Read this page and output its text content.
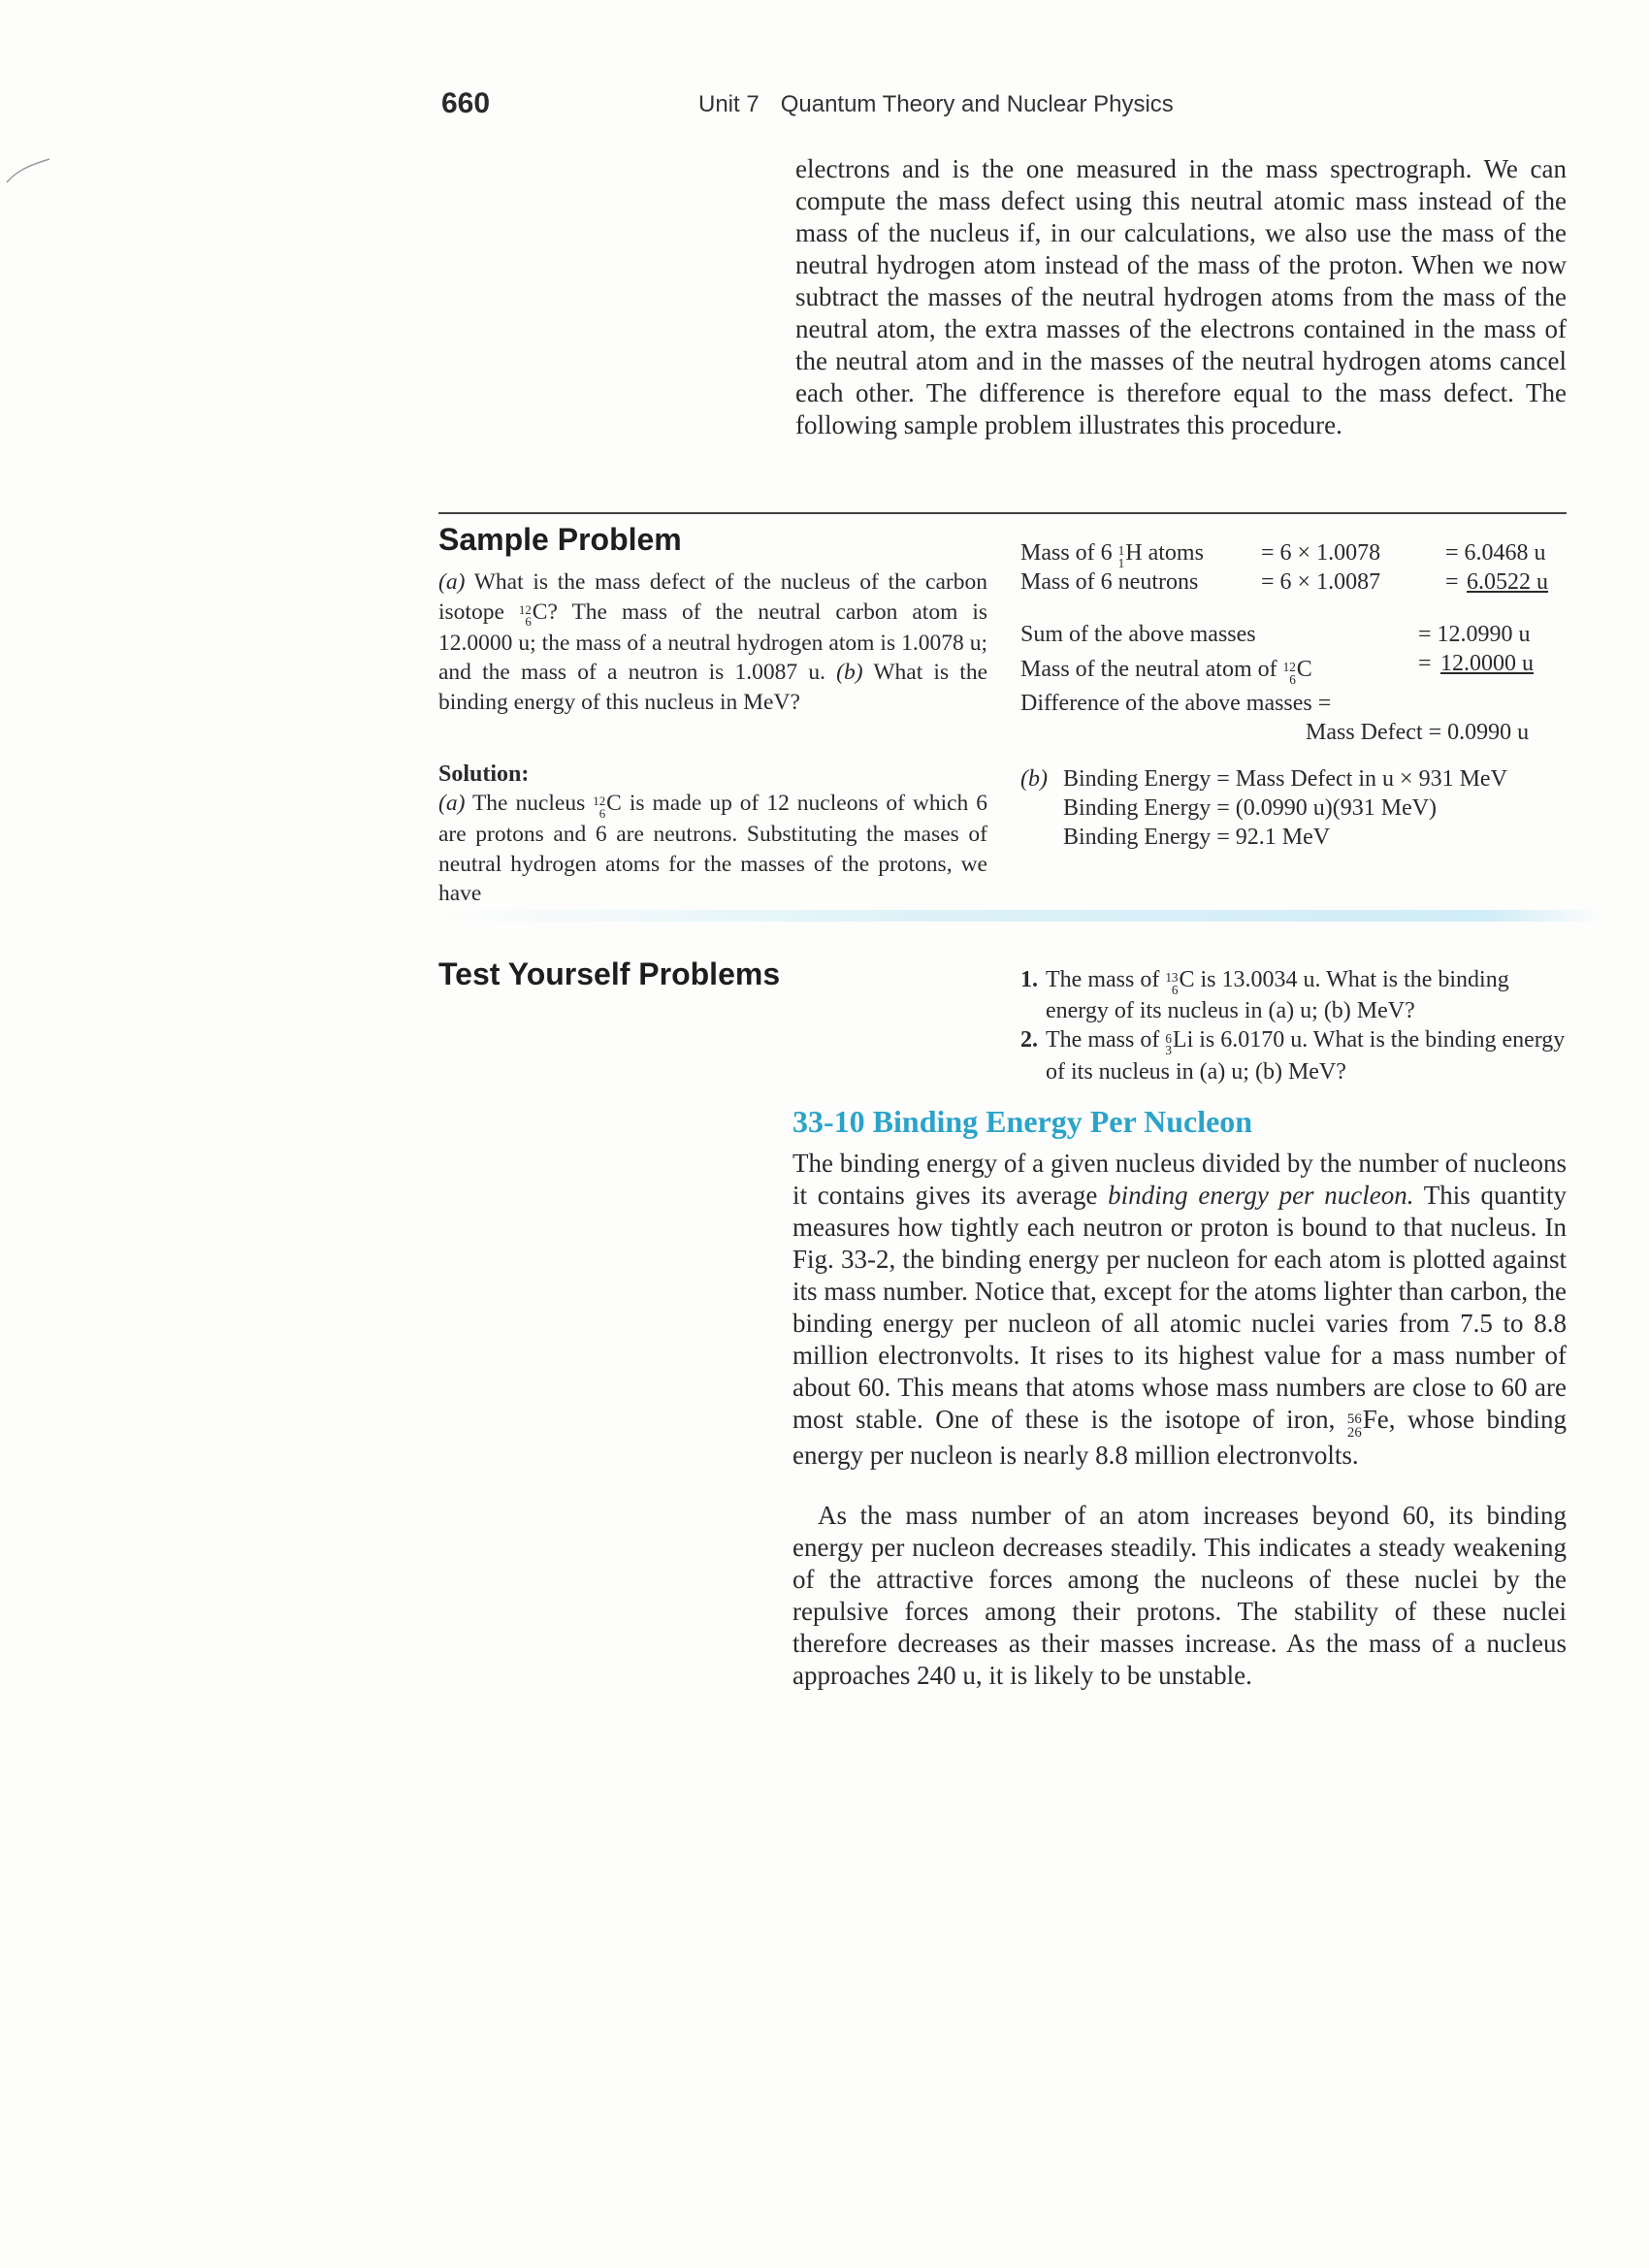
660	Unit 7 Quantum Theory and Nuclear Physics
electrons and is the one measured in the mass spectrograph. We can compute the mass defect using this neutral atomic mass instead of the mass of the nucleus if, in our calculations, we also use the mass of the neutral hydrogen atom instead of the mass of the proton. When we now subtract the masses of the neutral hydrogen atoms from the mass of the neutral atom, the extra masses of the electrons contained in the mass of the neutral atom and in the masses of the neutral hydrogen atoms cancel each other. The difference is therefore equal to the mass defect. The following sample problem illustrates this procedure.
Sample Problem
(a) What is the mass defect of the nucleus of the carbon isotope 12
6 C? The mass of the neutral carbon atom is 12.0000 u; the mass of a neutral hydrogen atom is 1.0078 u; and the mass of a neutron is 1.0087 u. (b) What is the binding energy of this nucleus in MeV?
Solution:
(a) The nucleus 12
6 C is made up of 12 nucleons of which 6 are protons and 6 are neutrons. Substituting the mases of neutral hydrogen atoms for the masses of the protons, we have
Mass of 6 1
1 H atoms = 6 × 1.0078	= 6.0468 u
Mass of 6 neutrons	= 6 × 1.0087	= 6.0522 u
Sum of the above masses	= 12.0990 u
Mass of the neutral atom of 12
6 C	= 12.0000 u
Difference of the above masses =
Mass Defect = 0.0990 u
(b) Binding Energy = Mass Defect in u × 931 MeV
Binding Energy = (0.0990 u)(931 MeV)
Binding Energy = 92.1 MeV
Test Yourself Problems	1. The mass of 13
6 C is 13.0034 u. What is the binding energy of its nucleus in (a) u; (b) MeV?
2. The mass of 6
3 Li is 6.0170 u. What is the binding energy of its nucleus in (a) u; (b) MeV?
33-10 Binding Energy Per Nucleon
The binding energy of a given nucleus divided by the number of nucleons it contains gives its average binding energy per nucleon. This quantity measures how tightly each neutron or proton is bound to that nucleus. In Fig. 33-2, the binding energy per nucleon for each atom is plotted against its mass number. Notice that, except for the atoms lighter than carbon, the binding energy per nucleon of all atomic nuclei varies from 7.5 to 8.8 million electronvolts. It rises to its highest value for a mass number of about 60. This means that atoms whose mass numbers are close to 60 are most stable. One of these is the isotope of iron, 56
26 Fe, whose binding energy per nucleon is nearly 8.8 million electronvolts.
As the mass number of an atom increases beyond 60, its binding energy per nucleon decreases steadily. This indicates a steady weakening of the attractive forces among the nucleons of these nuclei by the repulsive forces among their protons. The stability of these nuclei therefore decreases as their masses increase. As the mass of a nucleus approaches 240 u, it is likely to be unstable.
